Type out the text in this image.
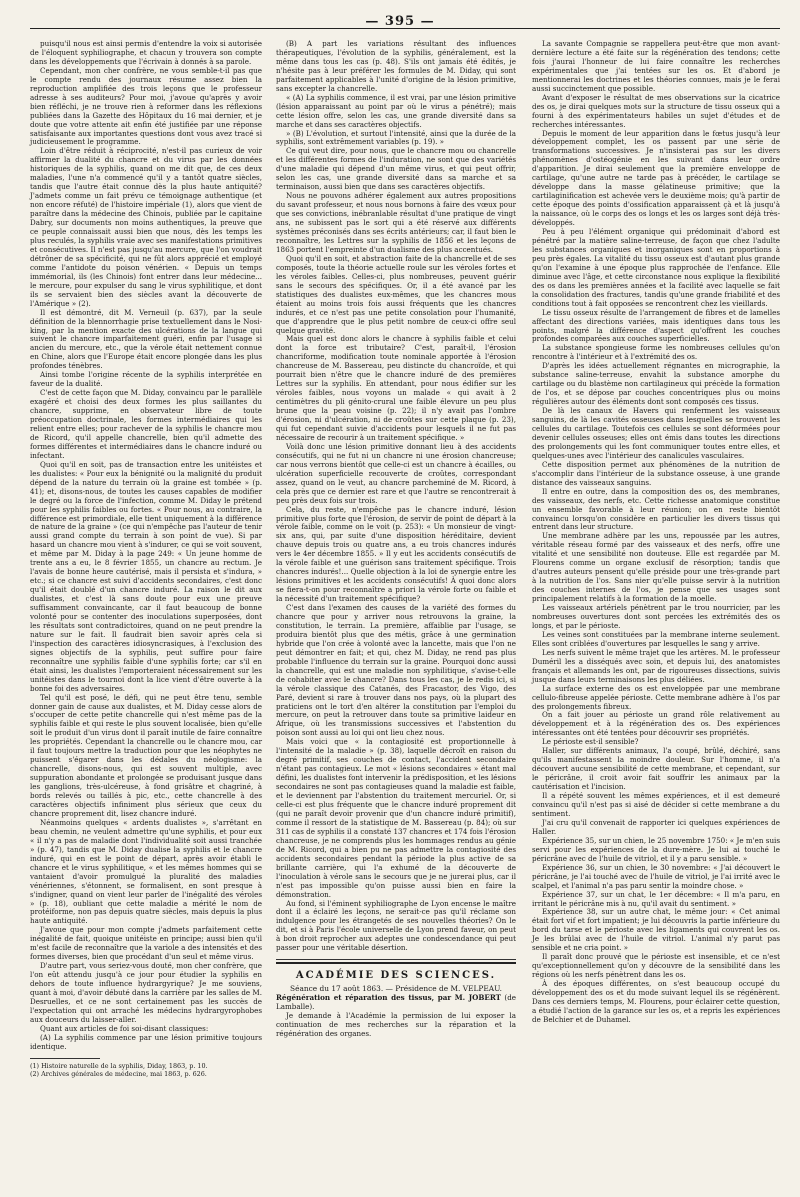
— 395 —

puisqu'il nous est ainsi permis d'entendre la voix si autorisée de l'éloquent syphiliographe, et chacun y trouvera son compte dans les développements que l'écrivain à donnés à sa parole.

Cependant, mon cher confrère, ne vous semble-t-il pas que le compte rendu des journaux résume assez bien la reproduction amplifiée des trois leçons que le professeur adresse à ses auditeurs? Pour moi, j'avoue qu'après y avoir bien réfléchi, je ne trouve rien à reformer dans les réflexions publiées dans la Gazette des Hôpitaux du 16 mai dernier, et je doute que votre attente ait enfin été justifiée par une réponse satisfaisante aux importantes questions dont vous avez tracé si judicieusement le programme.

Loin d'être réduit à réciprocité, n'est-il pas curieux de voir affirmer la dualité du chancre et du virus par les données historiques de la syphilis, quand on me dit que, de ces deux maladies, l'une n'a commencé qu'il y a tantôt quatre siècles, tandis que l'autre était connue dès la plus haute antiquité? J'admets comme un fait prévu ce témoignage authentique (et non encore réfuté) de l'histoire impériale (1), alors que vient de paraître dans la médecine des Chinois, publiée par le capitaine Dabry, sur documents non moins authentiques, la preuve que ce peuple connaissait aussi bien que nous, dès les temps les plus reculés, la syphilis vraie avec ses manifestations primitives et consécutives. Il n'est pas jusqu'au mercure, que l'on voudrait détrôner de sa spécificité, qui ne fût alors apprécié et employé comme l'antidote du poison vénérien. « Depuis un temps immémorial, ils (les Chinois) font entrer dans leur médecine... le mercure, pour expulser du sang le virus syphilitique, et dont ils se servaient bien des siècles avant la découverte de l'Amérique » (2).

Il est démontré, dit M. Verneuil (p. 637), par la seule définition de la blennorrhagie prise textuellement dans le Nosi-king, par la mention exacte des ulcérations de la langue qui suivent le chancre imparfaitement guéri, enfin par l'usage si ancien du mercure, etc., que la vérole était nettement connue en Chine, alors que l'Europe était encore plongée dans les plus profondes ténèbres.

Ainsi tombe l'origine récente de la syphilis interprétée en faveur de la dualité.

C'est de cette façon que M. Diday, convaincu par le parallèle exagéré et choisi des deux formes les plus saillantes du chancre, supprime, en observateur libre de toute préoccupation doctrinale, les formes intermédiaires qui les relient entre elles; pour rachever de la syphilis le chancre mou de Ricord, qu'il appelle chancrelle, bien qu'il admette des formes différentes et intermédiaires dans le chancre induré ou infectant.

Quoi qu'il en soit, pas de transaction entre les unitéistes et les dualistes: « Pour eux la bénignité ou la malignité du produit dépend de la nature du terrain où la graine est tombée » (p. 41); et, disons-nous, de toutes les causes capables de modifier le degré ou la force de l'infection, comme M. Diday le prétend pour les syphilis faibles ou fortes. « Pour nous, au contraire, la différence est primordiale, elle tient uniquement à la différence de nature de la graine » (ce qui n'empêche pas l'auteur de tenir aussi grand compte du terrain à son point de vue). Si par hasard un chancre mou vient à s'indurer, ce qui se voit souvent, et même par M. Diday à la page 249: « Un jeune homme de trente ans a eu, le 8 février 1855, un chancre au rectum. Je l'avais de bonne heure cautérisé, mais il persista et s'indura, » etc.; si ce chancre est suivi d'accidents secondaires, c'est donc qu'il était doublé d'un chancre induré. La raison le dit aux dualistes, et c'est là sans doute pour eux une preuve suffisamment convaincante, car il faut beaucoup de bonne volonté pour se contenter des inoculations superposées, dont les résultats sont contradictoires, quand on ne peut prendre la nature sur le fait. Il faudrait bien savoir après cela si l'inspection des caractères idiosyncrasiques, à l'exclusion des signes objectifs de la syphilis, peut suffire pour faire reconnaître une syphilis faible d'une syphilis forte; car s'il en était ainsi, les dualistes l'emporteraient nécessairement sur les unitéistes dans le tournoi dont la lice vient d'être ouverte à la bonne foi des adversaires.

Tel qu'il est posé, le défi, qui ne peut être tenu, semble donner gain de cause aux dualistes, et M. Diday cesse alors de s'occuper de cette petite chancrelle qui n'est même pas de la syphilis faible et qui reste le plus souvent localisée, bien qu'elle soit le produit d'un virus dont il paraît inutile de faire connaître les propriétés. Cependant la chancrelle ou le chancre mou, car il faut toujours mettre la traduction pour que les néophytes ne puissent s'égarer dans les dédales du néologisme: la chancrelle, disons-nous, qui est souvent multiple, avec suppuration abondante et prolongée se produisant jusque dans les ganglions, très-ulcéreuse, à fond grisâtre et chagriné, à bords relevés ou taillés à pic, etc., cette chancrelle à des caractères objectifs infiniment plus sérieux que ceux du chancre proprement dit, lisez chancre induré.

Néanmoins quelques « ardents dualistes », s'arrêtant en beau chemin, ne veulent admettre qu'une syphilis, et pour eux « il n'y a pas de maladie dont l'individualité soit aussi tranchée » (p. 47), tandis que M. Diday dualise la syphilis et le chancre induré, qui en est le point de départ, après avoir établi le chancre et le virus syphilitique, « et les mêmes hommes qui se vantaient d'avoir promulgué la pluralité des maladies vénériennes, s'étonnent, se formalisent, en sont presque à s'indigner, quand on vient leur parler de l'inégalité des véroles » (p. 18), oubliant que cette maladie a mérité le nom de protéiforme, non pas depuis quatre siècles, mais depuis la plus haute antiquité.

J'avoue que pour mon compte j'admets parfaitement cette inégalité de fait, quoique unitéiste en principe; aussi bien qu'il m'est facile de reconnaître que la variole a des intensités et des formes diverses, bien que procédant d'un seul et même virus.

D'autre part, vous seriez-vous douté, mon cher confrère, que l'on eût attendu jusqu'à ce jour pour étudier la syphilis en dehors de toute influence hydrargyrique? Je me souviens, quant à moi, d'avoir débuté dans la carrière par les salles de M. Desruelles, et ce ne sont certainement pas les succès de l'expectation qui ont arraché les médecins hydrargyrophobes aux douceurs du laisser-aller.

Quant aux articles de foi soi-disant classiques:

(A) La syphilis commence par une lésion primitive toujours identique.

(1) Histoire naturelle de la syphilis, Diday, 1863, p. 10.

(2) Archives générales de médecine, mai 1863, p. 626.

(B) A part les variations résultant des influences thérapeutiques, l'évolution de la syphilis, généralement, est la même dans tous les cas (p. 48). S'ils ont jamais été édités, je n'hésite pas à leur préférer les formules de M. Diday, qui sont parfaitement applicables à l'unité d'origine de la lésion primitive, sans excepter la chancrelle.

« (A) La syphilis commence, il est vrai, par une lésion primitive (lésion apparaissant au point par où le virus a pénétré); mais cette lésion offre, selon les cas, une grande diversité dans sa marche et dans ses caractères objectifs.

» (B) L'évolution, et surtout l'intensité, ainsi que la durée de la syphilis, sont extrêmement variables (p. 19). »

Ce qui veut dire, pour nous, que le chancre mou ou chancrelle et les différentes formes de l'induration, ne sont que des variétés d'une maladie qui dépend d'un même virus, et qui peut offrir, selon les cas, une grande diversité dans sa marche et sa terminaison, aussi bien que dans ses caractères objectifs.

Nous ne pouvons adhérer également aux autres propositions du savant professeur, et nous nous bornons à faire des vœux pour que ses convictions, inébranlable résultat d'une pratique de vingt ans, ne subissent pas le sort qui a été réservé aux différents systèmes préconisés dans ses écrits antérieurs; car, il faut bien le reconnaître, les Lettres sur la syphilis de 1856 et les leçons de 1863 portent l'empreinte d'un dualisme des plus accentués.

Quoi qu'il en soit, et abstraction faite de la chancrelle et de ses composés, toute la théorie actuelle roule sur les véroles fortes et les véroles faibles. Celles-ci, plus nombreuses, peuvent guérir sans le secours des spécifiques. Or, il a été avancé par les statistiques des dualistes eux-mêmes, que les chancres mous étaient au moins trois fois aussi fréquents que les chancres indurés, et ce n'est pas une petite consolation pour l'humanité, que d'apprendre que le plus petit nombre de ceux-ci offre seul quelque gravité.

Mais quel est donc alors le chancre à syphilis faible et celui dont la force est tributaire? C'est, paraît-il, l'érosion chancriforme, modification toute nominale apportée à l'érosion chancreuse de M. Bassereau, peu distincte du chancroïde, et qui pourrait bien n'être que le chancre induré de des premières Lettres sur la syphilis. En attendant, pour nous édifier sur les véroles faibles, nous voyons un malade « qui avait à 2 centimètres du pli génito-crural une faible élevure un peu plus brune que la peau voisine (p. 22); il n'y avait pas l'ombre d'érosion, ni d'ulcération, ni de croûtes sur cette plaque (p. 23), qui fut cependant suivie d'accidents pour lesquels il ne fut pas nécessaire de recourir à un traitement spécifique. »

Voilà donc une lésion primitive donnant lieu à des accidents consécutifs, qui ne fut ni un chancre ni une érosion chancreuse; car nous verrons bientôt que celle-ci est un chancre à écailles, ou ulcération superficielle recouverte de croûtes, correspondant assez, quand on le veut, au chancre parcheminé de M. Ricord, à cela près que ce dernier est rare et que l'autre se rencontrerait à peu près deux fois sur trois.

Cela, du reste, n'empêche pas le chancre induré, lésion primitive plus forte que l'érosion, de servir de point de départ à la vérole faible, comme on le voit (p. 253): « Un monsieur de vingt-six ans, qui, par suite d'une disposition héréditaire, devient chauve depuis trois ou quatre ans, a eu trois chancres indurés vers le 4er décembre 1855. » Il y eut les accidents consécutifs de la vérole faible et une guérison sans traitement spécifique. Trois chancres indurés!... Quelle objection à la loi de synergie entre les lésions primitives et les accidents consécutifs! À quoi donc alors se fiera-t-on pour reconnaître a priori la vérole forte ou faible et la nécessité d'un traitement spécifique?

C'est dans l'examen des causes de la variété des formes du chancre que pour y arriver nous retrouvons la graine, la constitution, le terrain. La première, affaiblie par l'usage, se produira bientôt plus que des métis, grâce à une germination hybride que l'on crée à volonté avec la lancette, mais que l'on ne peut démontrer en fait; et qui, chez M. Diday, ne rend pas plus probable l'influence du terrain sur la graine. Pourquoi donc aussi la chancrelle, qui est une maladie non syphilitique, s'avise-t-elle de cohabiter avec le chancre? Dans tous les cas, je le redis ici, si la vérole classique des Catanés, des Fracastor, des Vigo, des Paré, devient si rare à trouver dans nos pays, où la plupart des praticiens ont le tort d'en altérer la constitution par l'emploi du mercure, on peut la retrouver dans toute sa primitive laideur en Afrique, où les transmissions successives et l'abstention du poison sont aussi au loi qui ont lieu chez nous.

Mais voici que « la contagiosité est proportionnelle à l'intensité de la maladie » (p. 38), laquelle décroît en raison du degré primitif, ses couches de contact, l'accident secondaire n'étant pas contagieux. Le mot « lésions secondaires » étant mal défini, les dualistes font intervenir la prédisposition, et les lésions secondaires ne sont pas contagieuses quand la maladie est faible, et le deviennent par l'abstention du traitement mercuriel. Or, si celle-ci est plus fréquente que le chancre induré proprement dit (qui ne paraît devoir provenir que d'un chancre induré primitif), comme il ressort de la statistique de M. Bassereau (p. 84); où sur 311 cas de syphilis il a constaté 137 chancres et 174 fois l'érosion chancreuse, je ne comprends plus les hommages rendus au génie de M. Ricord, qui a bien pu ne pas admettre la contagiosité des accidents secondaires pendant la période la plus active de sa brillante carrière, qui l'a exhumé de la découverte de l'inoculation à vérole sans le secours que je ne jurerai plus, car il n'est pas impossible qu'on puisse aussi bien en faire la démonstration.

Au fond, si l'éminent syphiliographe de Lyon encense le maître dont il a éclairé les leçons, ne serait-ce pas qu'il réclame son indulgence pour les étrangetés de ses nouvelles théories? On le dit, et si à Paris l'école universelle de Lyon prend faveur, on peut à bon droit reprocher aux adeptes une condescendance qui peut passer pour une véritable désertion.

ACADÉMIE DES SCIENCES.

Séance du 17 août 1863. — Présidence de M. VELPEAU.

Régénération et réparation des tissus, par M. JOBERT (de Lamballe).

Je demande à l'Académie la permission de lui exposer la continuation de mes recherches sur la réparation et la régénération des organes.

La savante Compagnie se rappellera peut-être que mon avant-dernière lecture a été faite sur la régénération des tendons; cette fois j'aurai l'honneur de lui faire connaître les recherches expérimentales que j'ai tentées sur les os. Et d'abord je mentionnerai les doctrines et les théories connues, mais je le ferai aussi succinctement que possible.

Avant d'exposer le résultat de mes observations sur la cicatrice des os, je dirai quelques mots sur la structure de tissu osseux qui a fourni à des expérimentateurs habiles un sujet d'études et de recherches intéressantes.

Depuis le moment de leur apparition dans le fœtus jusqu'à leur développement complet, les os passent par une série de transformations successives. Je n'insisterai pas sur les divers phénomènes d'ostéogénie en les suivant dans leur ordre d'apparition. Je dirai seulement que la première enveloppe de cartilage, qu'une autre ne tarde pas à précéder, le cartilage se développe dans la masse gélatineuse primitive; que la cartilaginification est achevée vers le deuxième mois; qu'à partir de cette époque des points d'ossification apparaissent çà et là jusqu'à la naissance, où le corps des os longs et les os larges sont déjà très-développés.

Peu à peu l'élément organique qui prédominait d'abord est pénétré par la matière saline-terreuse, de façon que chez l'adulte les substances organiques et inorganiques sont en proportions à peu près égales. La vitalité du tissu osseux est d'autant plus grande qu'on l'examine à une époque plus rapprochée de l'enfance. Elle diminue avec l'âge, et cette circonstance nous explique la flexibilité des os dans les premières années et la facilité avec laquelle se fait la consolidation des fractures, tandis qu'une grande friabilité et des conditions tout à fait opposées se rencontrent chez les vieillards.

Le tissu osseux résulte de l'arrangement de fibres et de lamelles affectant des directions variées, mais identiques dans tous les points, malgré la différence d'aspect qu'offrent les couches profondes comparées aux couches superficielles.

La substance spongieuse forme les nombreuses cellules qu'on rencontre à l'intérieur et à l'extrémité des os.

D'après les idées actuellement régnantes en micrographie, la substance saline-terreuse, envahit la substance amorphe du cartilage ou du blastème non cartilagineux qui précède la formation de l'os, et se dépose par couches concentriques plus ou moins régulières autour des éléments dont sont composés ces tissus.

De là les canaux de Havers qui renferment les vaisseaux sanguins, de là les cavités osseuses dans lesquelles se trouvent les cellules du cartilage. Toutefois ces cellules se sont déformées pour devenir cellules osseuses; elles ont émis dans toutes les directions des prolongements qui les font communiquer toutes entre elles, et quelques-unes avec l'intérieur des canalicules vasculaires.

Cette disposition permet aux phénomènes de la nutrition de s'accomplir dans l'intérieur de la substance osseuse, à une grande distance des vaisseaux sanguins.

Il entre en outre, dans la composition des os, des membranes, des vaisseaux, des nerfs, etc. Cette richesse anatomique constitue un ensemble favorable à leur réunion; on en reste bientôt convaincu lorsqu'on considère en particulier les divers tissus qui entrent dans leur structure.

Une membrane adhère par les uns, repoussée par les autres, véritable réseau formé par des vaisseaux et des nerfs, offre une vitalité et une sensibilité non douteuse. Elle est regardée par M. Flourens comme un organe exclusif de résorption; tandis que d'autres auteurs pensent qu'elle préside pour une très-grande part à la nutrition de l'os. Sans nier qu'elle puisse servir à la nutrition des couches internes de l'os, je pense que ses usages sont principalement relatifs à la formation de la moelle.

Les vaisseaux artériels pénètrent par le trou nourricier, par les nombreuses ouvertures dont sont percées les extrémités des os longs, et par le périoste.

Les veines sont constituées par la membrane interne seulement. Elles sont criblées d'ouvertures par lesquelles le sang y arrive.

Les nerfs suivent le même trajet que les artères. M. le professeur Duméril les a disséqués avec soin, et depuis lui, des anatomistes français et allemands les ont, par de rigoureuses dissections, suivis jusque dans leurs terminaisons les plus déliées.

La surface externe des os est enveloppée par une membrane cellulo-fibreuse appelée périoste. Cette membrane adhère à l'os par des prolongements fibreux.

On a fait jouer au périoste un grand rôle relativement au développement et à la régénération des os. Des expériences intéressantes ont été tentées pour découvrir ses propriétés.

Le périoste est-il sensible?

Haller, sur différents animaux, l'a coupé, brûlé, déchiré, sans qu'ils manifestassent la moindre douleur. Sur l'homme, il n'a découvert aucune sensibilité de cette membrane, et cependant, sur le péricrâne, il croit avoir fait souffrir les animaux par la cautérisation et l'incision.

Il a répété souvent les mêmes expériences, et il est demeuré convaincu qu'il n'est pas si aisé de décider si cette membrane a du sentiment.

J'ai cru qu'il convenait de rapporter ici quelques expériences de Haller.

Expérience 35, sur un chien, le 25 novembre 1750: « Je m'en suis servi pour les expériences de la dure-mère. Je lui ai touché le péricrâne avec de l'huile de vitriol, et il y a paru sensible. »

Expérience 36, sur un chien, le 30 novembre: « J'ai découvert le péricrâne, je l'ai touché avec de l'huile de vitriol, je l'ai irrité avec le scalpel, et l'animal n'a pas paru sentir la moindre chose. »

Expérience 37, sur un chat, le 1er décembre: « Il m'a paru, en irritant le péricrâne mis à nu, qu'il avait du sentiment. »

Expérience 38, sur un autre chat, le même jour: « Cet animal était fort vif et fort impatient; je lui découvris la partie inférieure du bord du tarse et le périoste avec les ligaments qui couvrent les os. Je les brûlai avec de l'huile de vitriol. L'animal n'y parut pas sensible et ne cria point. »

Il paraît donc prouvé que le périoste est insensible, et ce n'est qu'exceptionnellement qu'on y découvre de la sensibilité dans les régions où les nerfs pénètrent dans les os.

À des époques différentes, on s'est beaucoup occupé du développement des os et du mode suivant lequel ils se régénèrent. Dans ces derniers temps, M. Flourens, pour éclairer cette question, a étudié l'action de la garance sur les os, et a repris les expériences de Belchier et de Duhamel.
